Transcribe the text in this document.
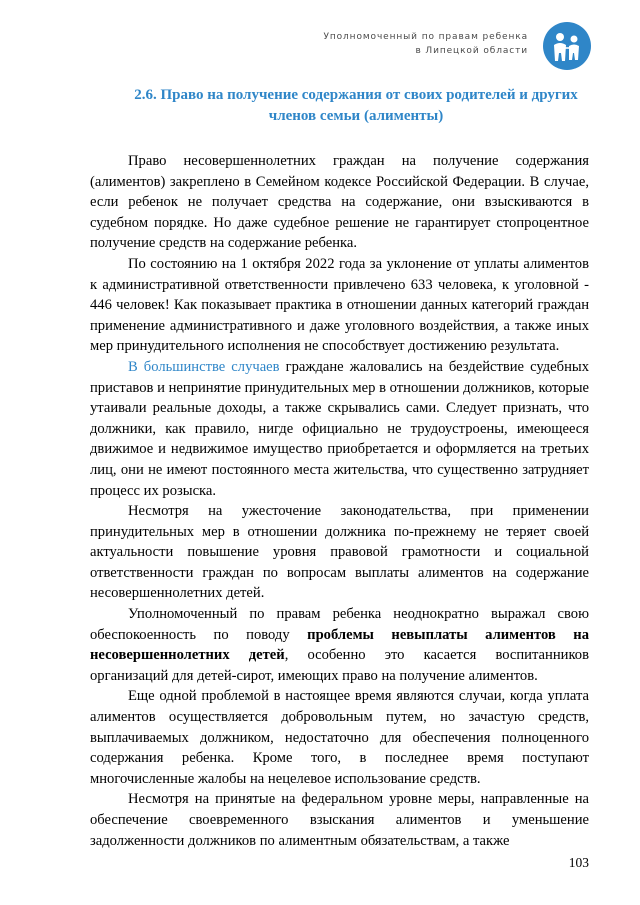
Уполномоченный по правам ребенка
в Липецкой области
2.6. Право на получение содержания от своих родителей и других
членов семьи (алименты)

Право несовершеннолетних граждан на получение содержания (алиментов) закреплено в Семейном кодексе Российской Федерации. В случае, если ребенок не получает средства на содержание, они взыскиваются в судебном порядке. Но даже судебное решение не гарантирует стопроцентное получение средств на содержание ребенка.

По состоянию на 1 октября 2022 года за уклонение от уплаты алиментов к административной ответственности привлечено 633 человека, к уголовной - 446 человек! Как показывает практика в отношении данных категорий граждан применение административного и даже уголовного воздействия, а также иных мер принудительного исполнения не способствует достижению результата.

В большинстве случаев граждане жаловались на бездействие судебных приставов и непринятие принудительных мер в отношении должников, которые утаивали реальные доходы, а также скрывались сами. Следует признать, что должники, как правило, нигде официально не трудоустроены, имеющееся движимое и недвижимое имущество приобретается и оформляется на третьих лиц, они не имеют постоянного места жительства, что существенно затрудняет процесс их розыска.

Несмотря на ужесточение законодательства, при применении принудительных мер в отношении должника по-прежнему не теряет своей актуальности повышение уровня правовой грамотности и социальной ответственности граждан по вопросам выплаты алиментов на содержание несовершеннолетних детей.

Уполномоченный по правам ребенка неоднократно выражал свою обеспокоенность по поводу проблемы невыплаты алиментов на несовершеннолетних детей, особенно это касается воспитанников организаций для детей-сирот, имеющих право на получение алиментов.

Еще одной проблемой в настоящее время являются случаи, когда уплата алиментов осуществляется добровольным путем, но зачастую средств, выплачиваемых должником, недостаточно для обеспечения полноценного содержания ребенка. Кроме того, в последнее время поступают многочисленные жалобы на нецелевое использование средств.

Несмотря на принятые на федеральном уровне меры, направленные на обеспечение своевременного взыскания алиментов и уменьшение задолженности должников по алиментным обязательствам, а также

103
